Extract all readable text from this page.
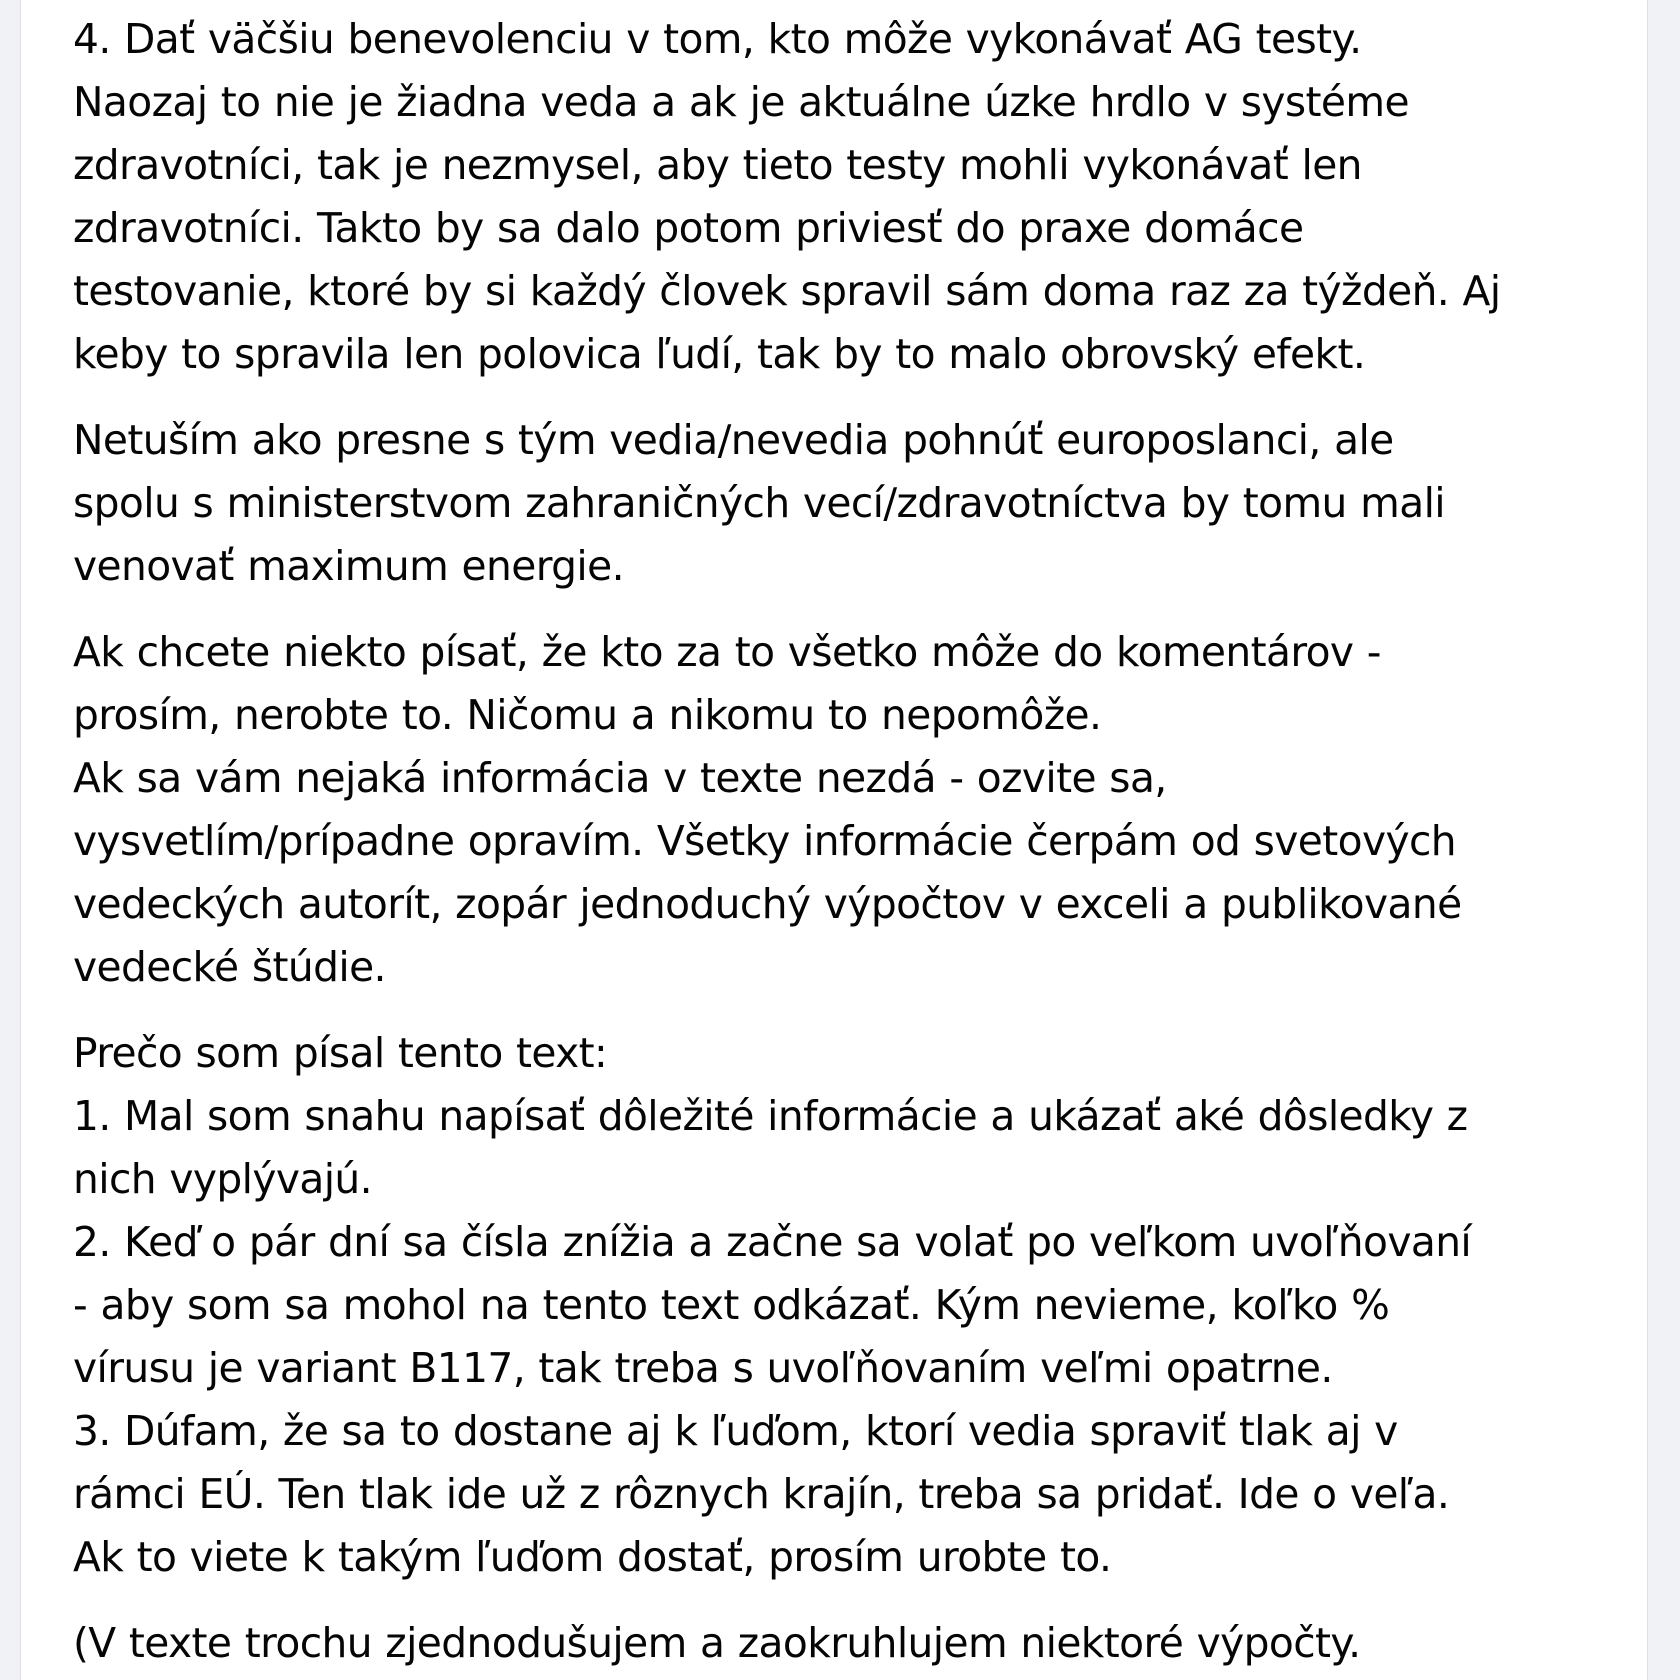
4. Dať väčšiu benevolenciu v tom, kto môže vykonávať AG testy.
Naozaj to nie je žiadna veda a ak je aktuálne úzke hrdlo v systéme
zdravotníci, tak je nezmysel, aby tieto testy mohli vykonávať len
zdravotníci. Takto by sa dalo potom priviesť do praxe domáce
testovanie, ktoré by si každý človek spravil sám doma raz za týždeň. Aj
keby to spravila len polovica ľudí, tak by to malo obrovský efekt.
Netuším ako presne s tým vedia/nevedia pohnúť europoslanci, ale
spolu s ministerstvom zahraničných vecí/zdravotníctva by tomu mali
venovať maximum energie.
Ak chcete niekto písať, že kto za to všetko môže do komentárov -
prosím, nerobte to. Ničomu a nikomu to nepomôže.
Ak sa vám nejaká informácia v texte nezdá - ozvite sa,
vysvetlím/prípadne opravím. Všetky informácie čerpám od svetových
vedeckých autorít, zopár jednoduchý výpočtov v exceli a publikované
vedecké štúdie.
Prečo som písal tento text:
1. Mal som snahu napísať dôležité informácie a ukázať aké dôsledky z
nich vyplývajú.
2. Keď o pár dní sa čísla znížia a začne sa volať po veľkom uvoľňovaní
- aby som sa mohol na tento text odkázať. Kým nevieme, koľko %
vírusu je variant B117, tak treba s uvoľňovaním veľmi opatrne.
3. Dúfam, že sa to dostane aj k ľuďom, ktorí vedia spraviť tlak aj v
rámci EÚ. Ten tlak ide už z rôznych krajín, treba sa pridať. Ide o veľa.
Ak to viete k takým ľuďom dostať, prosím urobte to.
(V texte trochu zjednodušujem a zaokruhlujem niektoré výpočty.
